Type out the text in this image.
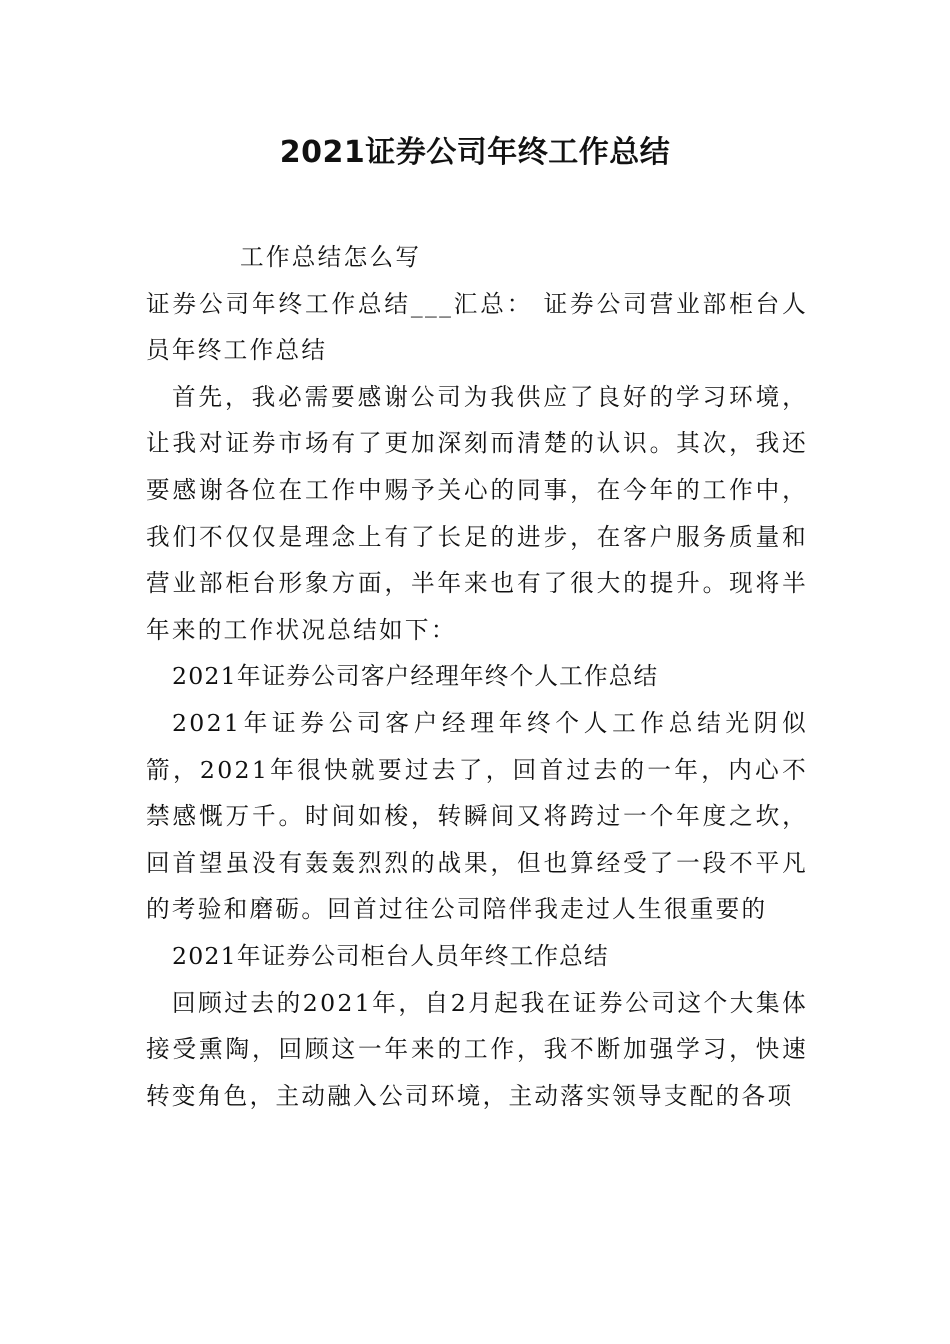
2021证券公司年终工作总结

工作总结怎么写

证券公司年终工作总结___汇总： 证券公司营业部柜台人员年终工作总结

首先，我必需要感谢公司为我供应了良好的学习环境，让我对证券市场有了更加深刻而清楚的认识。其次，我还要感谢各位在工作中赐予关心的同事，在今年的工作中，我们不仅仅是理念上有了长足的进步，在客户服务质量和营业部柜台形象方面，半年来也有了很大的提升。现将半年来的工作状况总结如下：

2021年证券公司客户经理年终个人工作总结

2021年证券公司客户经理年终个人工作总结光阴似箭，2021年很快就要过去了，回首过去的一年，内心不禁感慨万千。时间如梭，转瞬间又将跨过一个年度之坎，回首望虽没有轰轰烈烈的战果，但也算经受了一段不平凡的考验和磨砺。回首过往公司陪伴我走过人生很重要的

2021年证券公司柜台人员年终工作总结

回顾过去的2021年，自2月起我在证券公司这个大集体接受熏陶，回顾这一年来的工作，我不断加强学习，快速转变角色，主动融入公司环境，主动落实领导支配的各项
